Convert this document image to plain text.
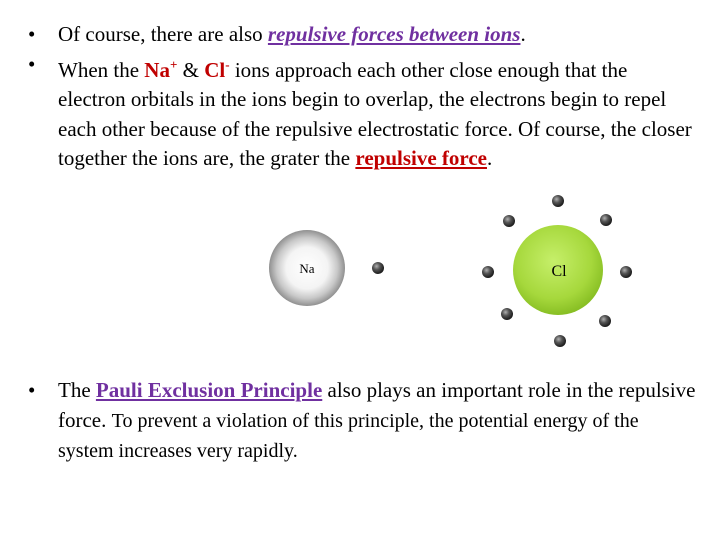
• Of course, there are also repulsive forces between ions.
• When the Na+ & Cl- ions approach each other close enough that the electron orbitals in the ions begin to overlap, the electrons begin to repel each other because of the repulsive electrostatic force. Of course, the closer together the ions are, the grater the repulsive force.
Na	Cl
• The Pauli Exclusion Principle also plays an important role in the repulsive force. To prevent a violation of this principle, the potential energy of the system increases very rapidly.
